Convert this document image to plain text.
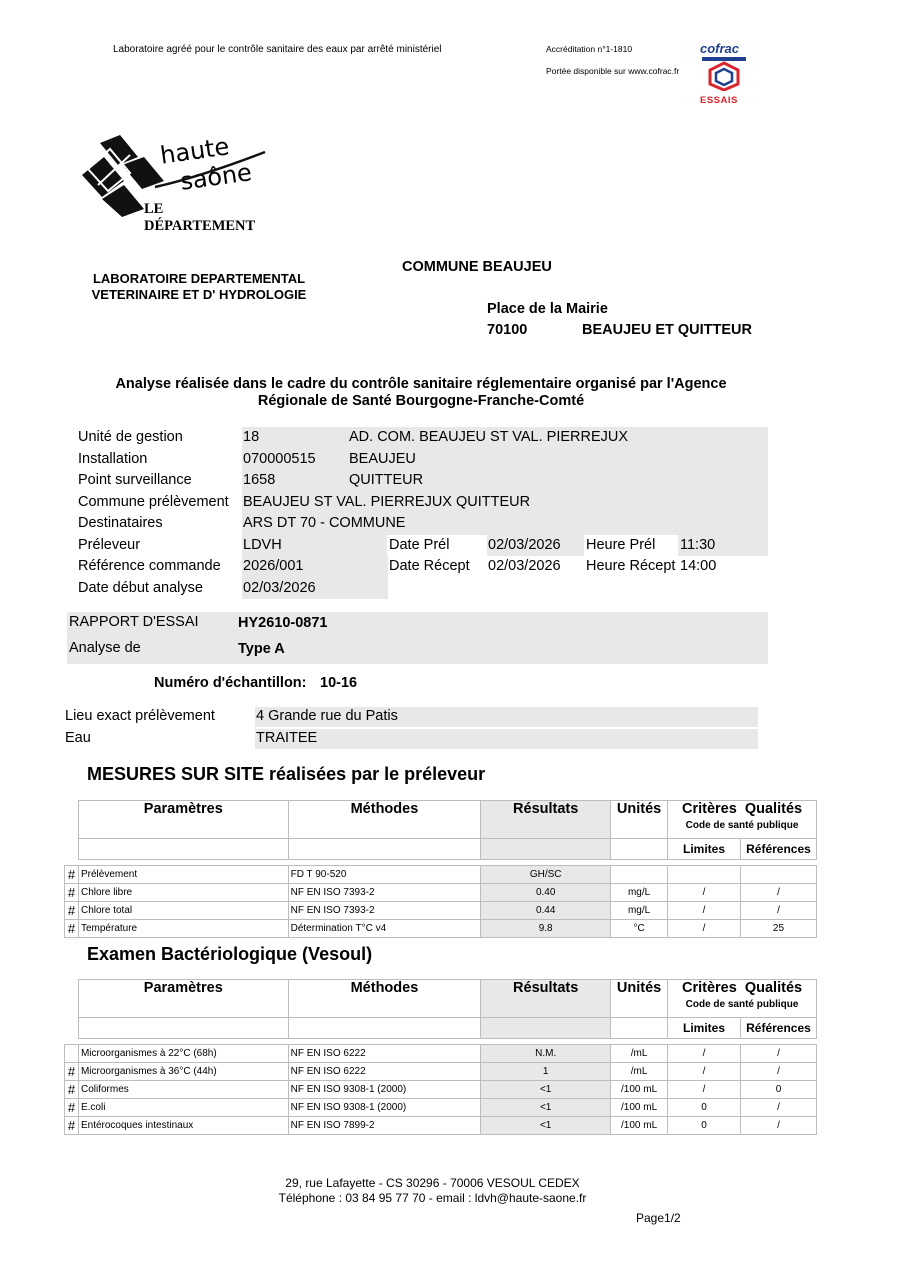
Laboratoire agréé pour le contrôle sanitaire des eaux par arrêté ministériel	Accréditation n°1-1810
Portée disponible sur www.cofrac.fr
cofrac
ESSAIS
haute
saône
LE DÉPARTEMENT
LABORATOIRE DEPARTEMENTAL
VETERINAIRE ET D' HYDROLOGIE
COMMUNE BEAUJEU
Place de la Mairie
70100	BEAUJEU ET QUITTEUR
Analyse réalisée dans le cadre du contrôle sanitaire réglementaire organisé par l'Agence
Régionale de Santé Bourgogne-Franche-Comté
Unité de gestion	18	AD. COM. BEAUJEU ST VAL. PIERREJUX
Installation	070000515 BEAUJEU
Point surveillance	1658	QUITTEUR
Commune prélèvement BEAUJEU ST VAL. PIERREJUX QUITTEUR
Destinataires	ARS DT 70 - COMMUNE
Préleveur	LDVH	Date Prél	02/03/2026 Heure Prél 11:30
Référence commande 2026/001	Date Récept 02/03/2026 Heure Récept 14:00
Date début analyse	02/03/2026
RAPPORT D'ESSAI	HY2610-0871
Analyse de	Type A
Numéro d'échantillon: 10-16
Lieu exact prélèvement	4 Grande rue du Patis
Eau	TRAITEE
MESURES SUR SITE réalisées par le préleveur
	Paramètres	Méthodes	Résultats	Unités	Critères Qualités
Code de santé publique	

					Limites	Références

#	Prélèvement	FD T 90-520	GH/SC			
#	Chlore libre	NF EN ISO 7393-2	0.40	mg/L	/	/
#	Chlore total	NF EN ISO 7393-2	0.44	mg/L	/	/
#	Température	Détermination T°C v4	9.8	°C	/	25
Examen Bactériologique (Vesoul)
	Paramètres	Méthodes	Résultats	Unités	Critères Qualités
Code de santé publique	

					Limites	Références

	Microorganismes à 22°C (68h)	NF EN ISO 6222	N.M.	/mL	/	/
#	Microorganismes à 36°C (44h)	NF EN ISO 6222	1	/mL	/	/
#	Coliformes	NF EN ISO 9308-1 (2000)	<1	/100 mL	/	0
#	E.coli	NF EN ISO 9308-1 (2000)	<1	/100 mL	0	/
#	Entérocoques intestinaux	NF EN ISO 7899-2	<1	/100 mL	0	/
29, rue Lafayette - CS 30296 - 70006 VESOUL CEDEX
Téléphone : 03 84 95 77 70 - email : ldvh@haute-saone.fr
Page1/2
